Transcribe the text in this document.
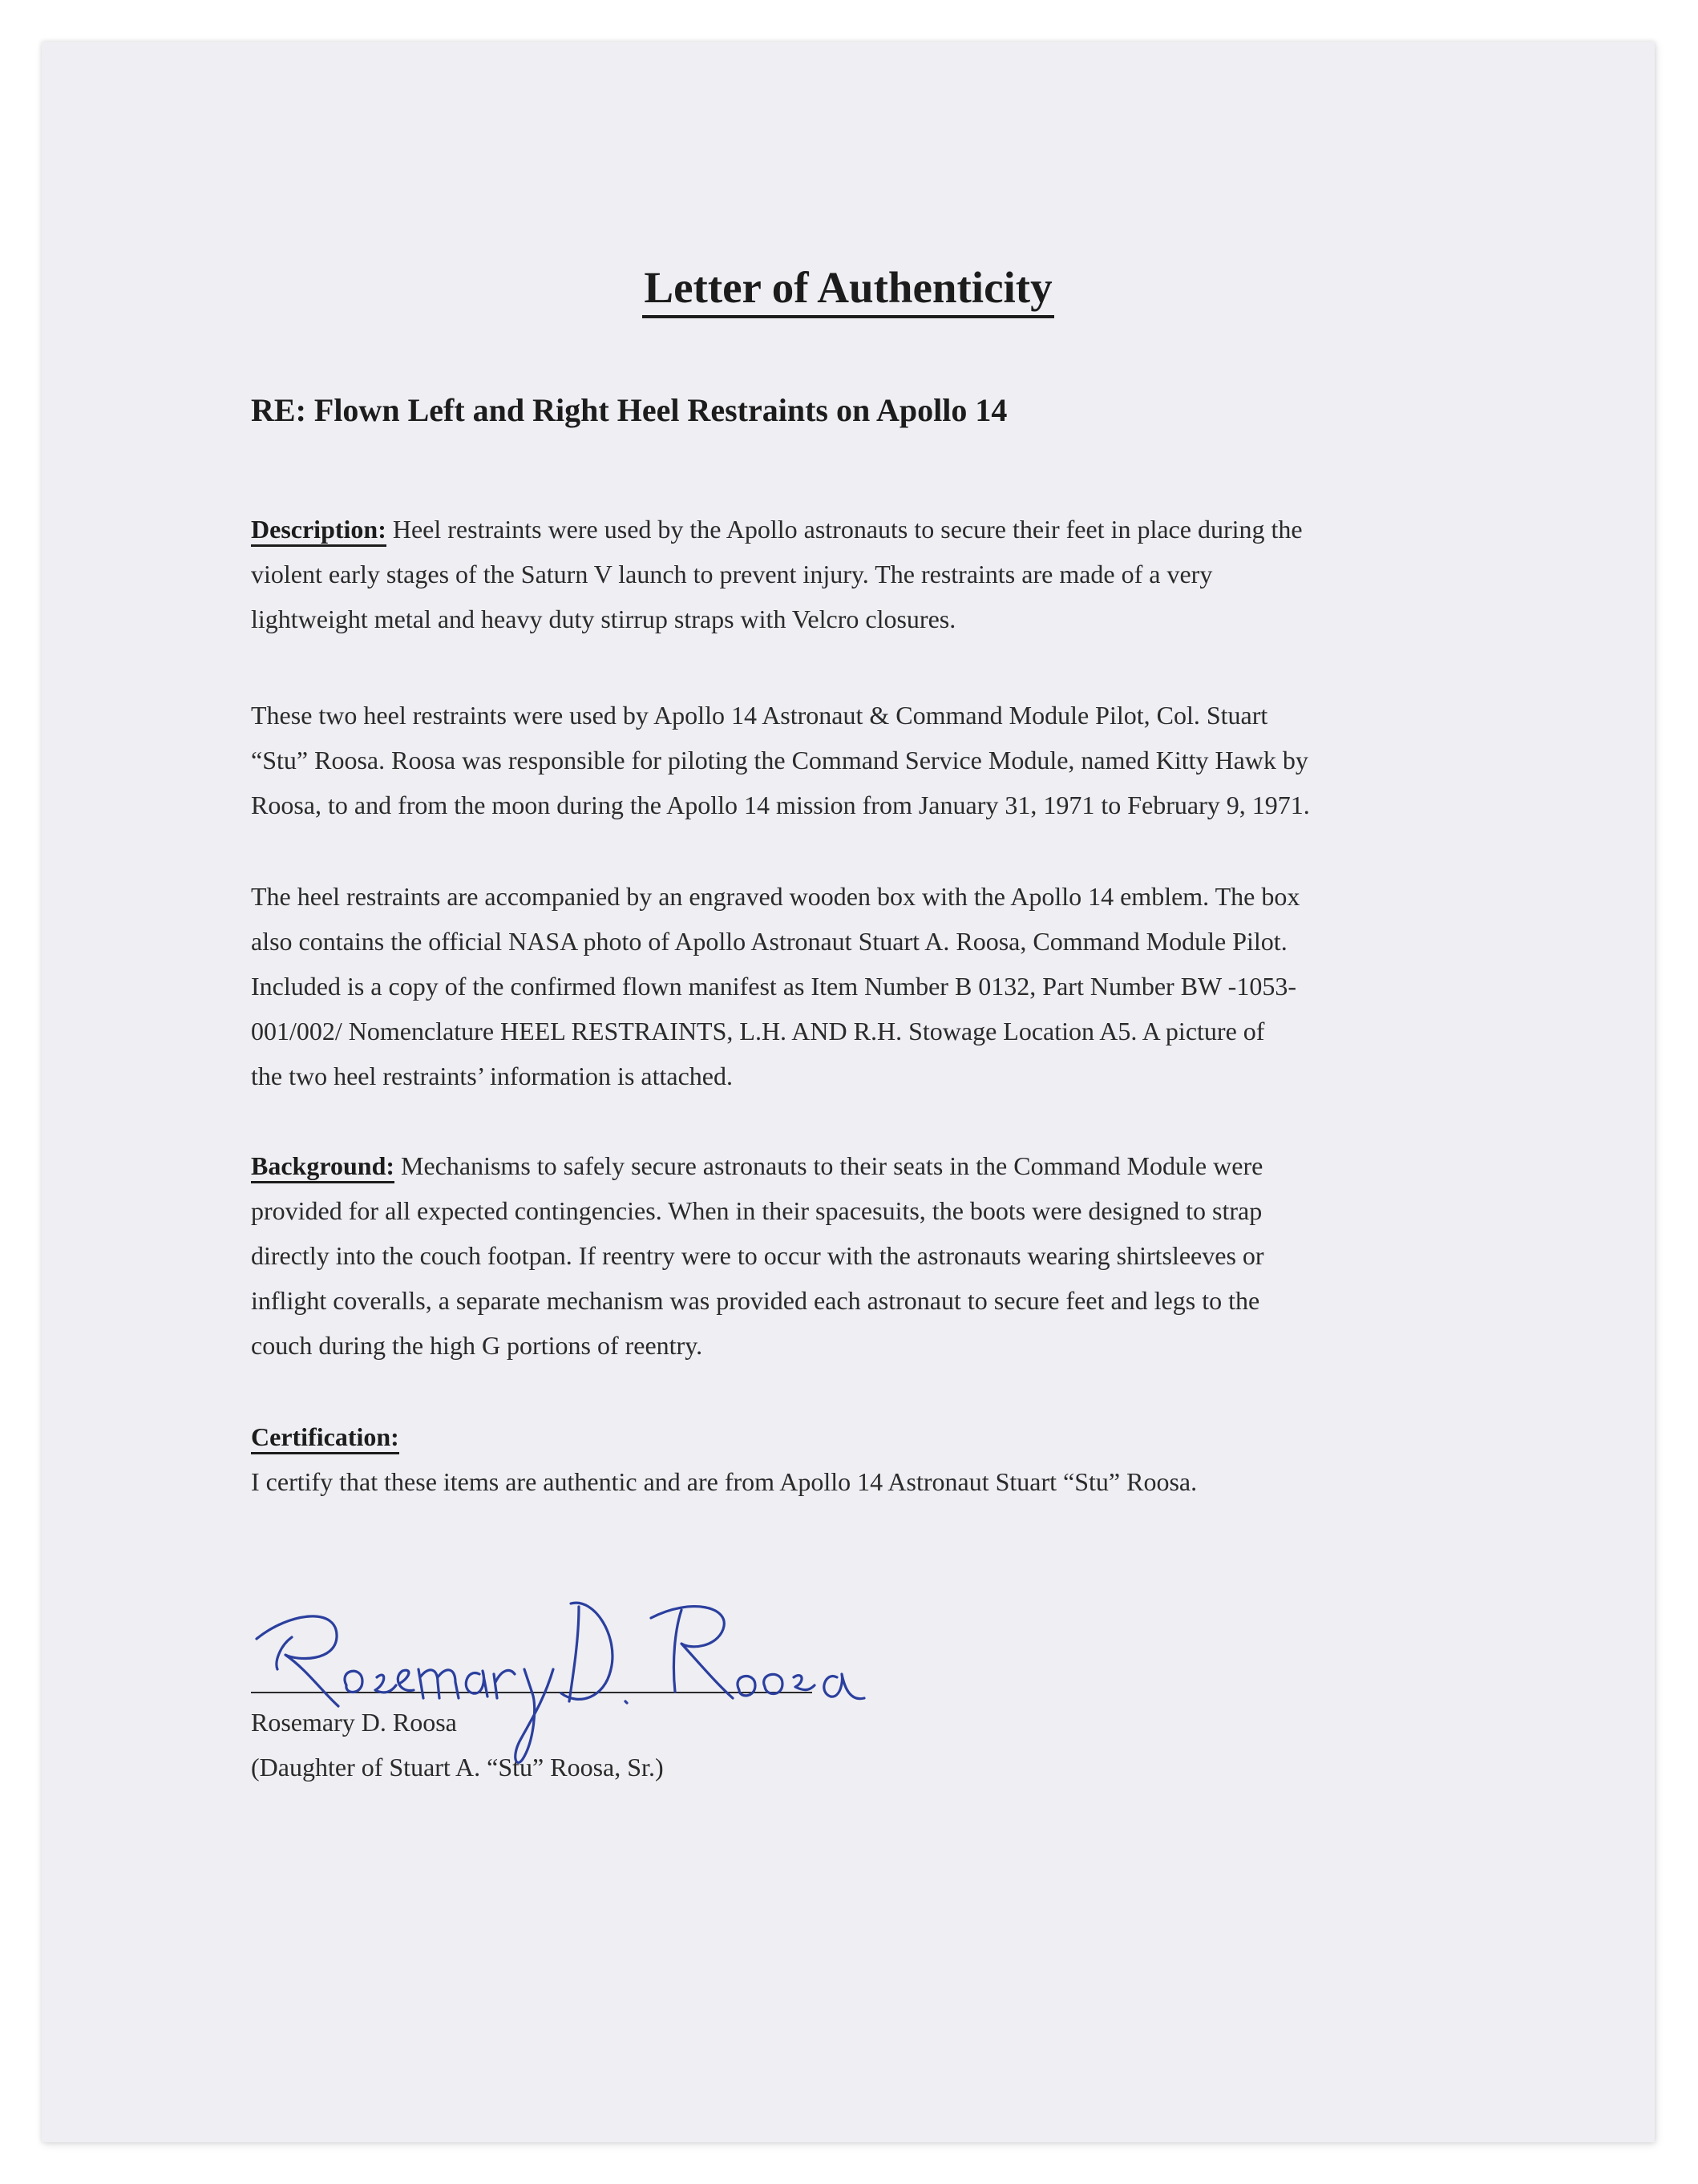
Letter of Authenticity
RE: Flown Left and Right Heel Restraints on Apollo 14
Description: Heel restraints were used by the Apollo astronauts to secure their feet in place during the
violent early stages of the Saturn V launch to prevent injury. The restraints are made of a very
lightweight metal and heavy duty stirrup straps with Velcro closures.
These two heel restraints were used by Apollo 14 Astronaut & Command Module Pilot, Col. Stuart
“Stu” Roosa. Roosa was responsible for piloting the Command Service Module, named Kitty Hawk by
Roosa, to and from the moon during the Apollo 14 mission from January 31, 1971 to February 9, 1971.
The heel restraints are accompanied by an engraved wooden box with the Apollo 14 emblem. The box
also contains the official NASA photo of Apollo Astronaut Stuart A. Roosa, Command Module Pilot.
Included is a copy of the confirmed flown manifest as Item Number B 0132, Part Number BW -1053-
001/002/ Nomenclature HEEL RESTRAINTS, L.H. AND R.H. Stowage Location A5. A picture of
the two heel restraints’ information is attached.
Background: Mechanisms to safely secure astronauts to their seats in the Command Module were
provided for all expected contingencies. When in their spacesuits, the boots were designed to strap
directly into the couch footpan. If reentry were to occur with the astronauts wearing shirtsleeves or
inflight coveralls, a separate mechanism was provided each astronaut to secure feet and legs to the
couch during the high G portions of reentry.
Certification:
I certify that these items are authentic and are from Apollo 14 Astronaut Stuart “Stu” Roosa.
Rosemary D. Roosa
(Daughter of Stuart A. “Stu” Roosa, Sr.)
